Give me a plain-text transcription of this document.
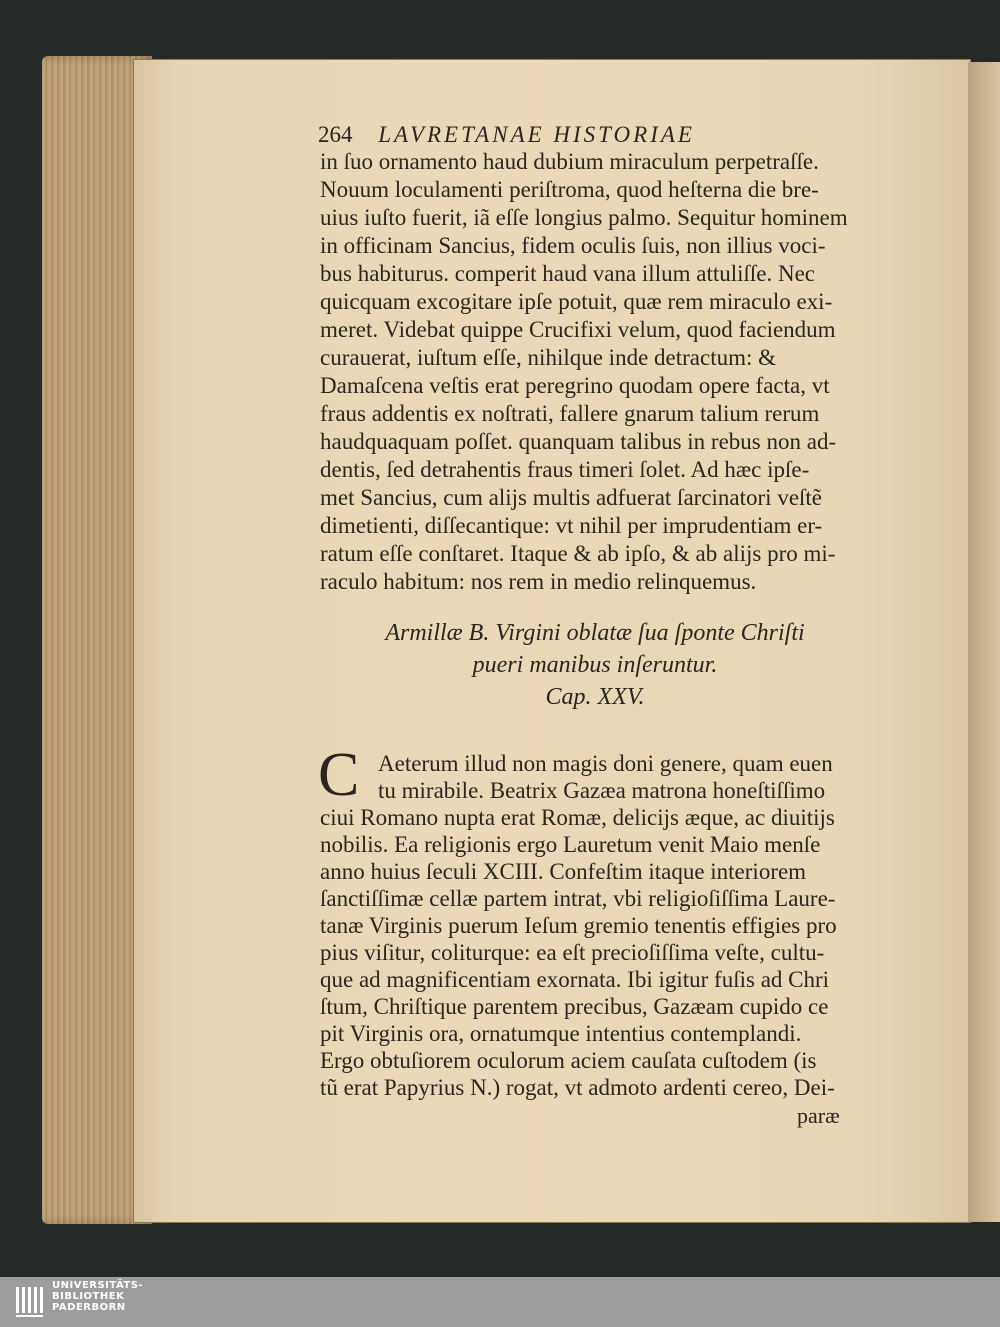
264 LAVRETANAE HISTORIAE

in ſuo ornamento haud dubium miraculum perpetraſſe.

Nouum loculamenti periſtroma, quod heſterna die bre-

uius iuſto fuerit, iã eſſe longius palmo. Sequitur hominem

in officinam Sancius, fidem oculis ſuis, non illius voci-

bus habiturus. comperit haud vana illum attuliſſe. Nec

quicquam excogitare ipſe potuit, quæ rem miraculo exi-

meret. Videbat quippe Crucifixi velum, quod faciendum

curauerat, iuſtum eſſe, nihilque inde detractum: &

Damaſcena veſtis erat peregrino quodam opere facta, vt

fraus addentis ex noſtrati, fallere gnarum talium rerum

haudquaquam poſſet. quanquam talibus in rebus non ad-

dentis, ſed detrahentis fraus timeri ſolet. Ad hæc ipſe-

met Sancius, cum alijs multis adfuerat ſarcinatori veſtẽ

dimetienti, diſſecantique: vt nihil per imprudentiam er-

ratum eſſe conſtaret. Itaque & ab ipſo, & ab alijs pro mi-

raculo habitum: nos rem in medio relinquemus.

Armillæ B. Virgini oblatæ ſua ſponte Chriſti

pueri manibus inſeruntur.

Cap. XXV.

C Aeterum illud non magis doni genere, quam euen

tu mirabile. Beatrix Gazæa matrona honeſtiſſimo

ciui Romano nupta erat Romæ, delicijs æque, ac diuitijs

nobilis. Ea religionis ergo Lauretum venit Maio menſe

anno huius ſeculi XCIII. Confeſtim itaque interiorem

ſanctiſſimæ cellæ partem intrat, vbi religioſiſſima Laure-

tanæ Virginis puerum Ieſum gremio tenentis effigies pro

pius viſitur, coliturque: ea eſt precioſiſſima veſte, cultu-

que ad magnificentiam exornata. Ibi igitur fuſis ad Chri

ſtum, Chriſtique parentem precibus, Gazæam cupido ce

pit Virginis ora, ornatumque intentius contemplandi.

Ergo obtuſiorem oculorum aciem cauſata cuſtodem (is

tũ erat Papyrius N.) rogat, vt admoto ardenti cereo, Dei-

paræ
UNIVERSITÄTS-
BIBLIOTHEK
PADERBORN
